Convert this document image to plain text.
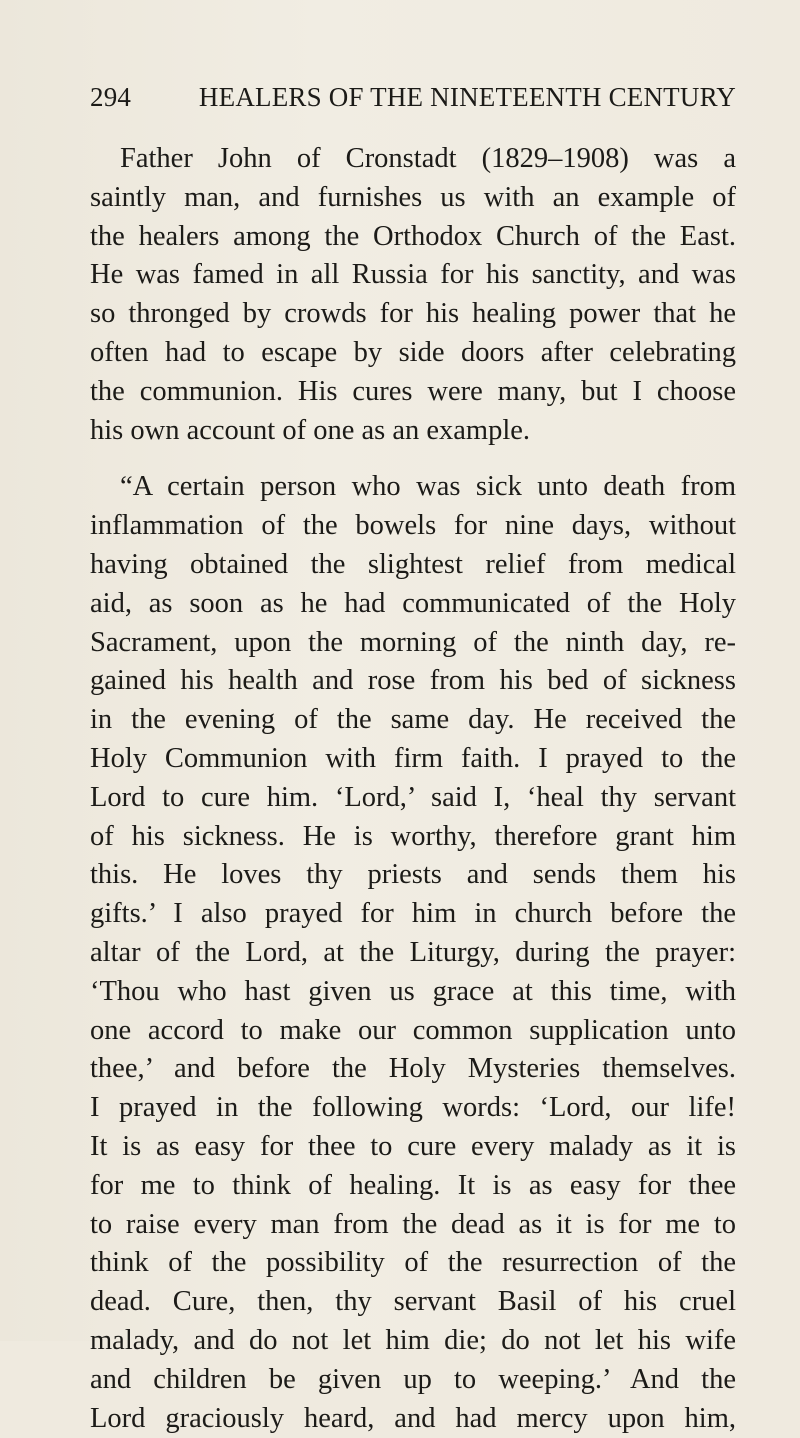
294	HEALERS OF THE NINETEENTH CENTURY
Father John of Cronstadt (1829–1908) was a
saintly man, and furnishes us with an example of
the healers among the Orthodox Church of the East.
He was famed in all Russia for his sanctity, and was
so thronged by crowds for his healing power that he
often had to escape by side doors after celebrating
the communion. His cures were many, but I choose
his own account of one as an example.
“A certain person who was sick unto death from
inflammation of the bowels for nine days, without
having obtained the slightest relief from medical
aid, as soon as he had communicated of the Holy
Sacrament, upon the morning of the ninth day, re-
gained his health and rose from his bed of sickness
in the evening of the same day. He received the
Holy Communion with firm faith. I prayed to the
Lord to cure him. ‘Lord,’ said I, ‘heal thy servant
of his sickness. He is worthy, therefore grant him
this. He loves thy priests and sends them his
gifts.’ I also prayed for him in church before the
altar of the Lord, at the Liturgy, during the prayer:
‘Thou who hast given us grace at this time, with
one accord to make our common supplication unto
thee,’ and before the Holy Mysteries themselves.
I prayed in the following words: ‘Lord, our life!
It is as easy for thee to cure every malady as it is
for me to think of healing. It is as easy for thee
to raise every man from the dead as it is for me to
think of the possibility of the resurrection of the
dead. Cure, then, thy servant Basil of his cruel
malady, and do not let him die; do not let his wife
and children be given up to weeping.’ And the
Lord graciously heard, and had mercy upon him,
